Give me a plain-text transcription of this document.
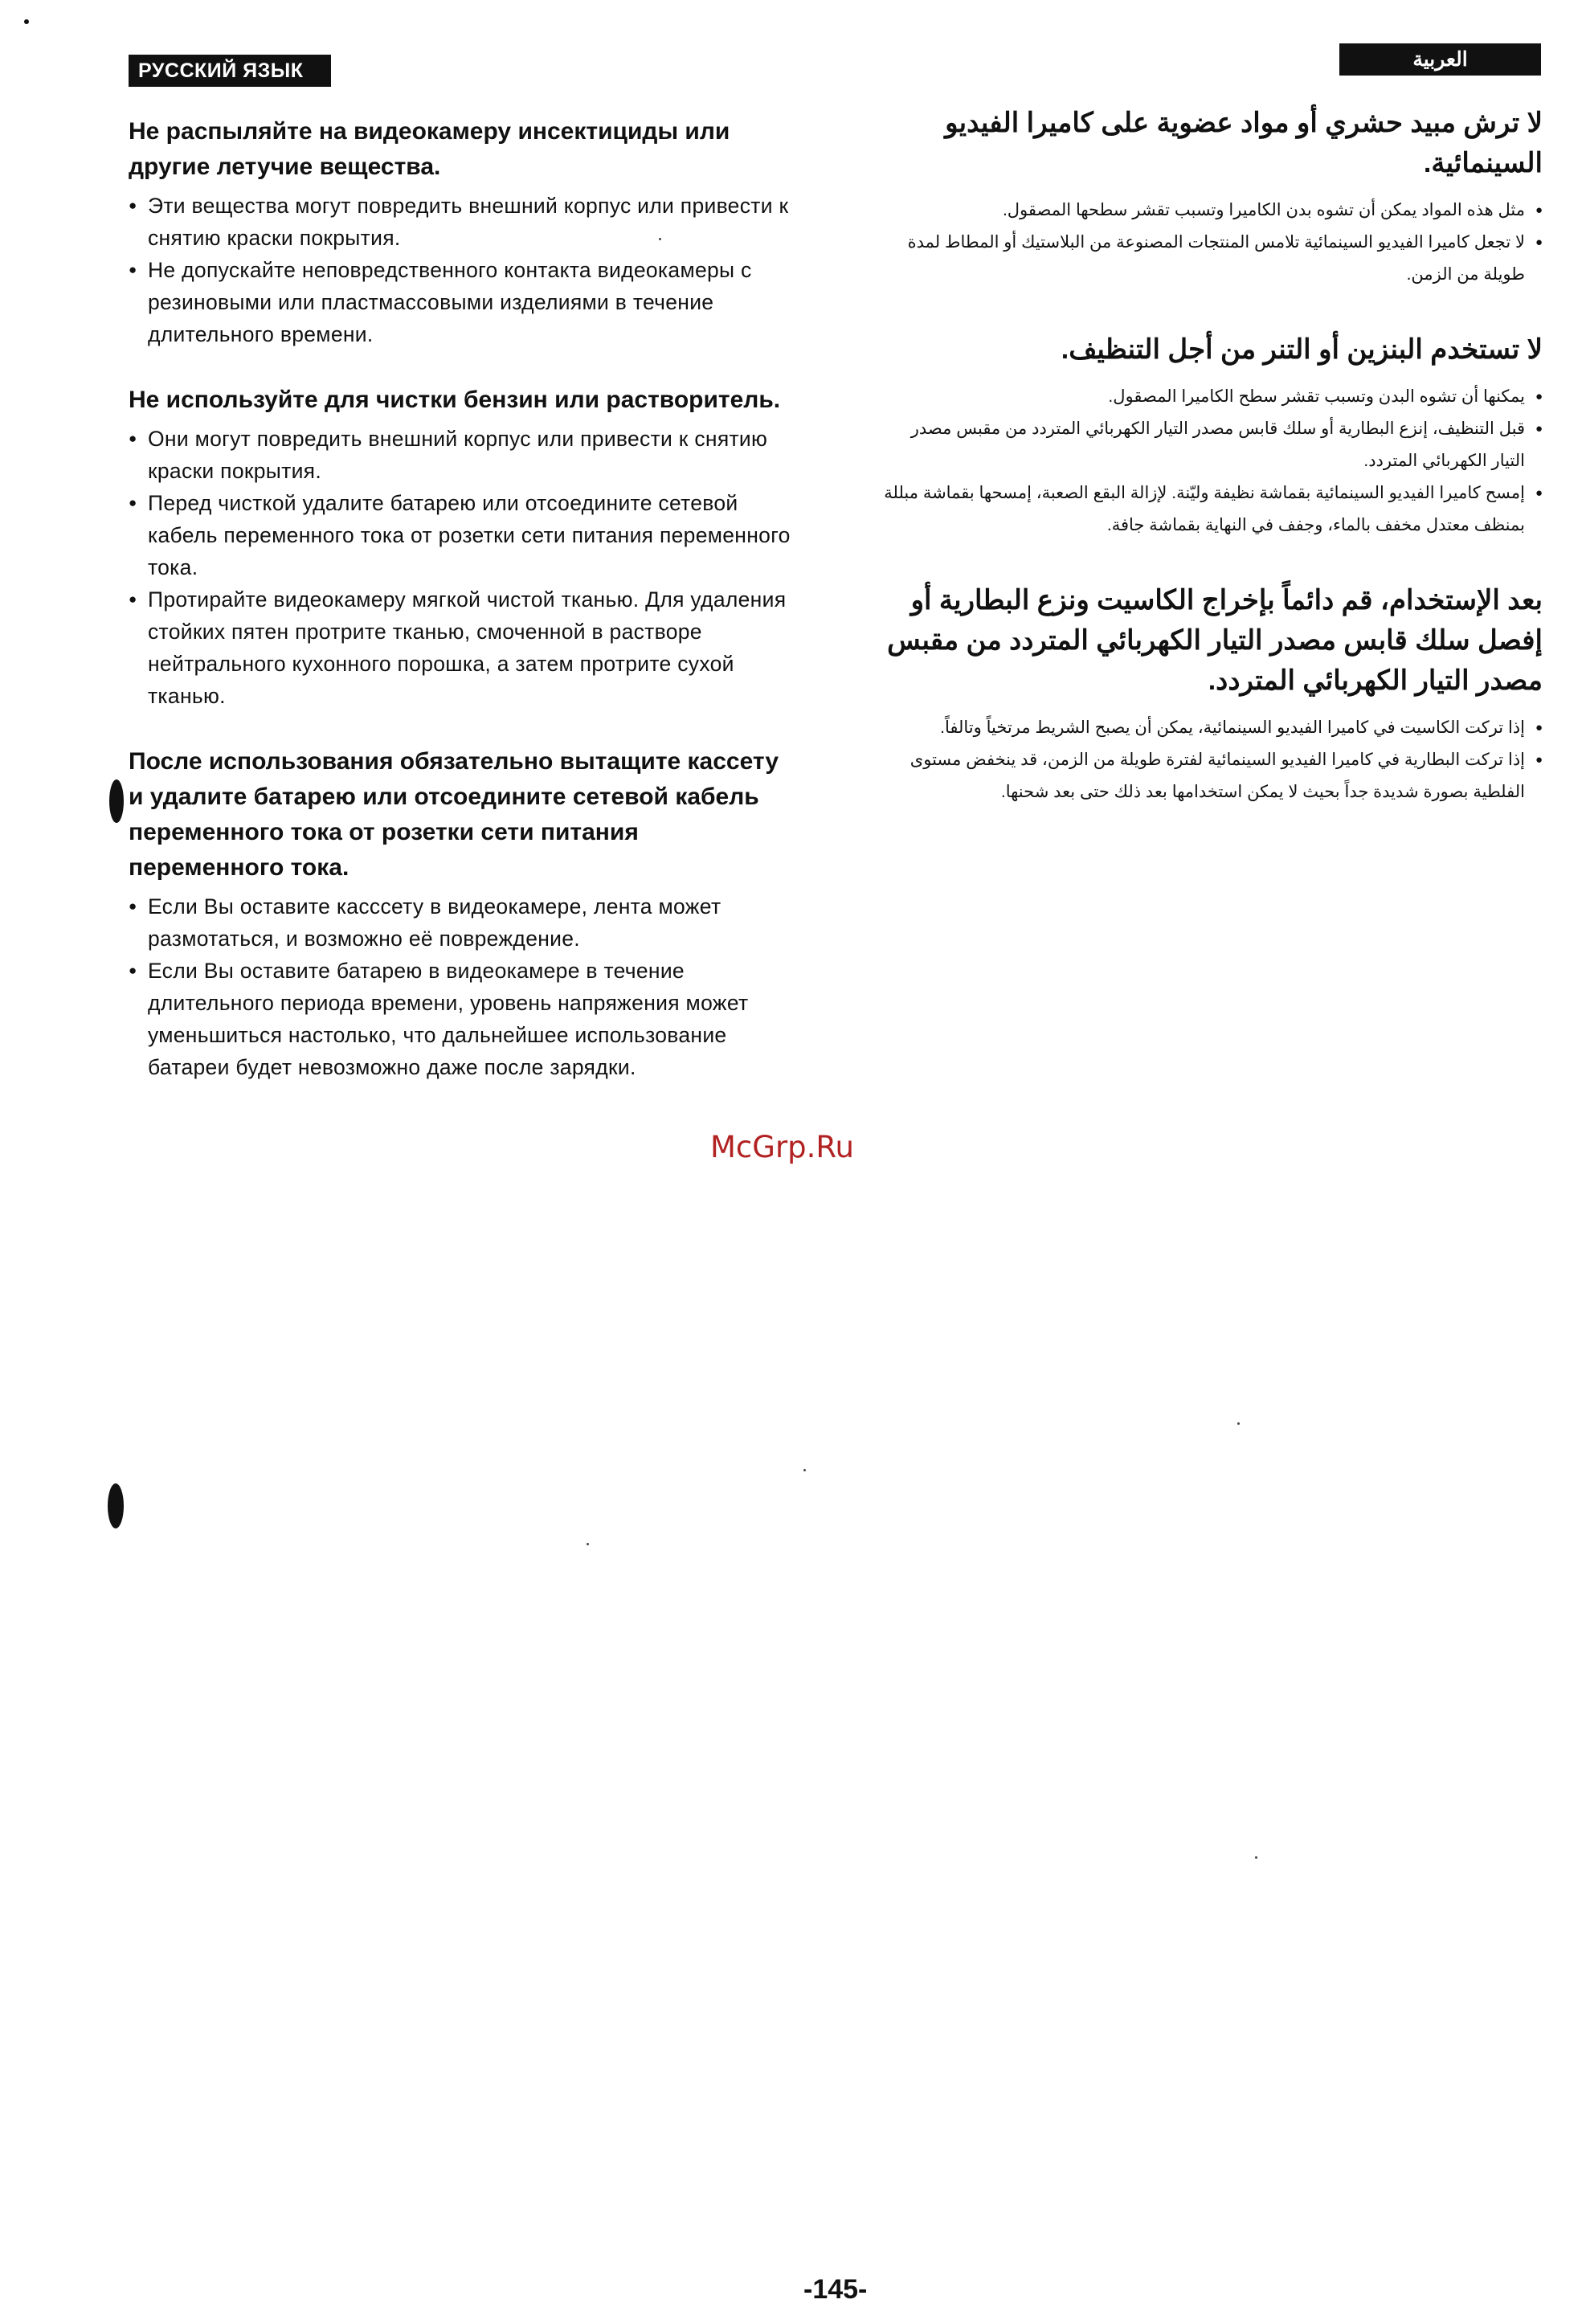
РУССКИЙ ЯЗЫК	العربية

Не распыляйте на видеокамеру инсектициды или другие летучие вещества.

● Эти вещества могут повредить внешний корпус или привести к снятию краски покрытия.
● Не допускайте неповредственного контакта видеокамеры с резиновыми или пластмассовыми изделиями в течение длительного времени.

Не используйте для чистки бензин или растворитель.

● Они могут повредить внешний корпус или привести к снятию краски покрытия.
● Перед чисткой удалите батарею или отсоедините сетевой кабель переменного тока от розетки сети питания переменного тока.
● Протирайте видеокамеру мягкой чистой тканью. Для удаления стойких пятен протрите тканью, смоченной в растворе нейтрального кухонного порошка, а затем протрите сухой тканью.

После использования обязательно вытащите кассету и удалите батарею или отсоедините сетевой кабель переменного тока от розетки сети питания переменного тока.

● Если Вы оставите касссету в видеокамере, лента может размотаться, и возможно её повреждение.
● Если Вы оставите батарею в видеокамере в течение длительного периода времени, уровень напряжения может уменьшиться настолько, что дальнейшее использование батареи будет невозможно даже после зарядки.

لا ترش مبيد حشري أو مواد عضوية على كاميرا الفيديو السينمائية.

● مثل هذه المواد يمكن أن تشوه بدن الكاميرا وتسبب تقشر سطحها المصقول.
● لا تجعل كاميرا الفيديو السينمائية تلامس المنتجات المصنوعة من البلاستيك أو المطاط لمدة طويلة من الزمن.

لا تستخدم البنزين أو التنر من أجل التنظيف.

● يمكنها أن تشوه البدن وتسبب تقشر سطح الكاميرا المصقول.
● قبل التنظيف، إنزع البطارية أو سلك قابس مصدر التيار الكهربائي المتردد من مقبس مصدر التيار الكهربائي المتردد.
● إمسح كاميرا الفيديو السينمائية بقماشة نظيفة وليّنة. لإزالة البقع الصعبة، إمسحها بقماشة مبللة بمنظف معتدل مخفف بالماء، وجفف في النهاية بقماشة جافة.

بعد الإستخدام، قم دائماً بإخراج الكاسيت ونزع البطارية أو إفصل سلك قابس مصدر التيار الكهربائي المتردد من مقبس مصدر التيار الكهربائي المتردد.

● إذا تركت الكاسيت في كاميرا الفيديو السينمائية، يمكن أن يصبح الشريط مرتخياً وتالفاً.
● إذا تركت البطارية في كاميرا الفيديو السينمائية لفترة طويلة من الزمن، قد ينخفض مستوى الفلطية بصورة شديدة جداً بحيث لا يمكن استخدامها بعد ذلك حتى بعد شحنها.
McGrp.Ru
-145-
